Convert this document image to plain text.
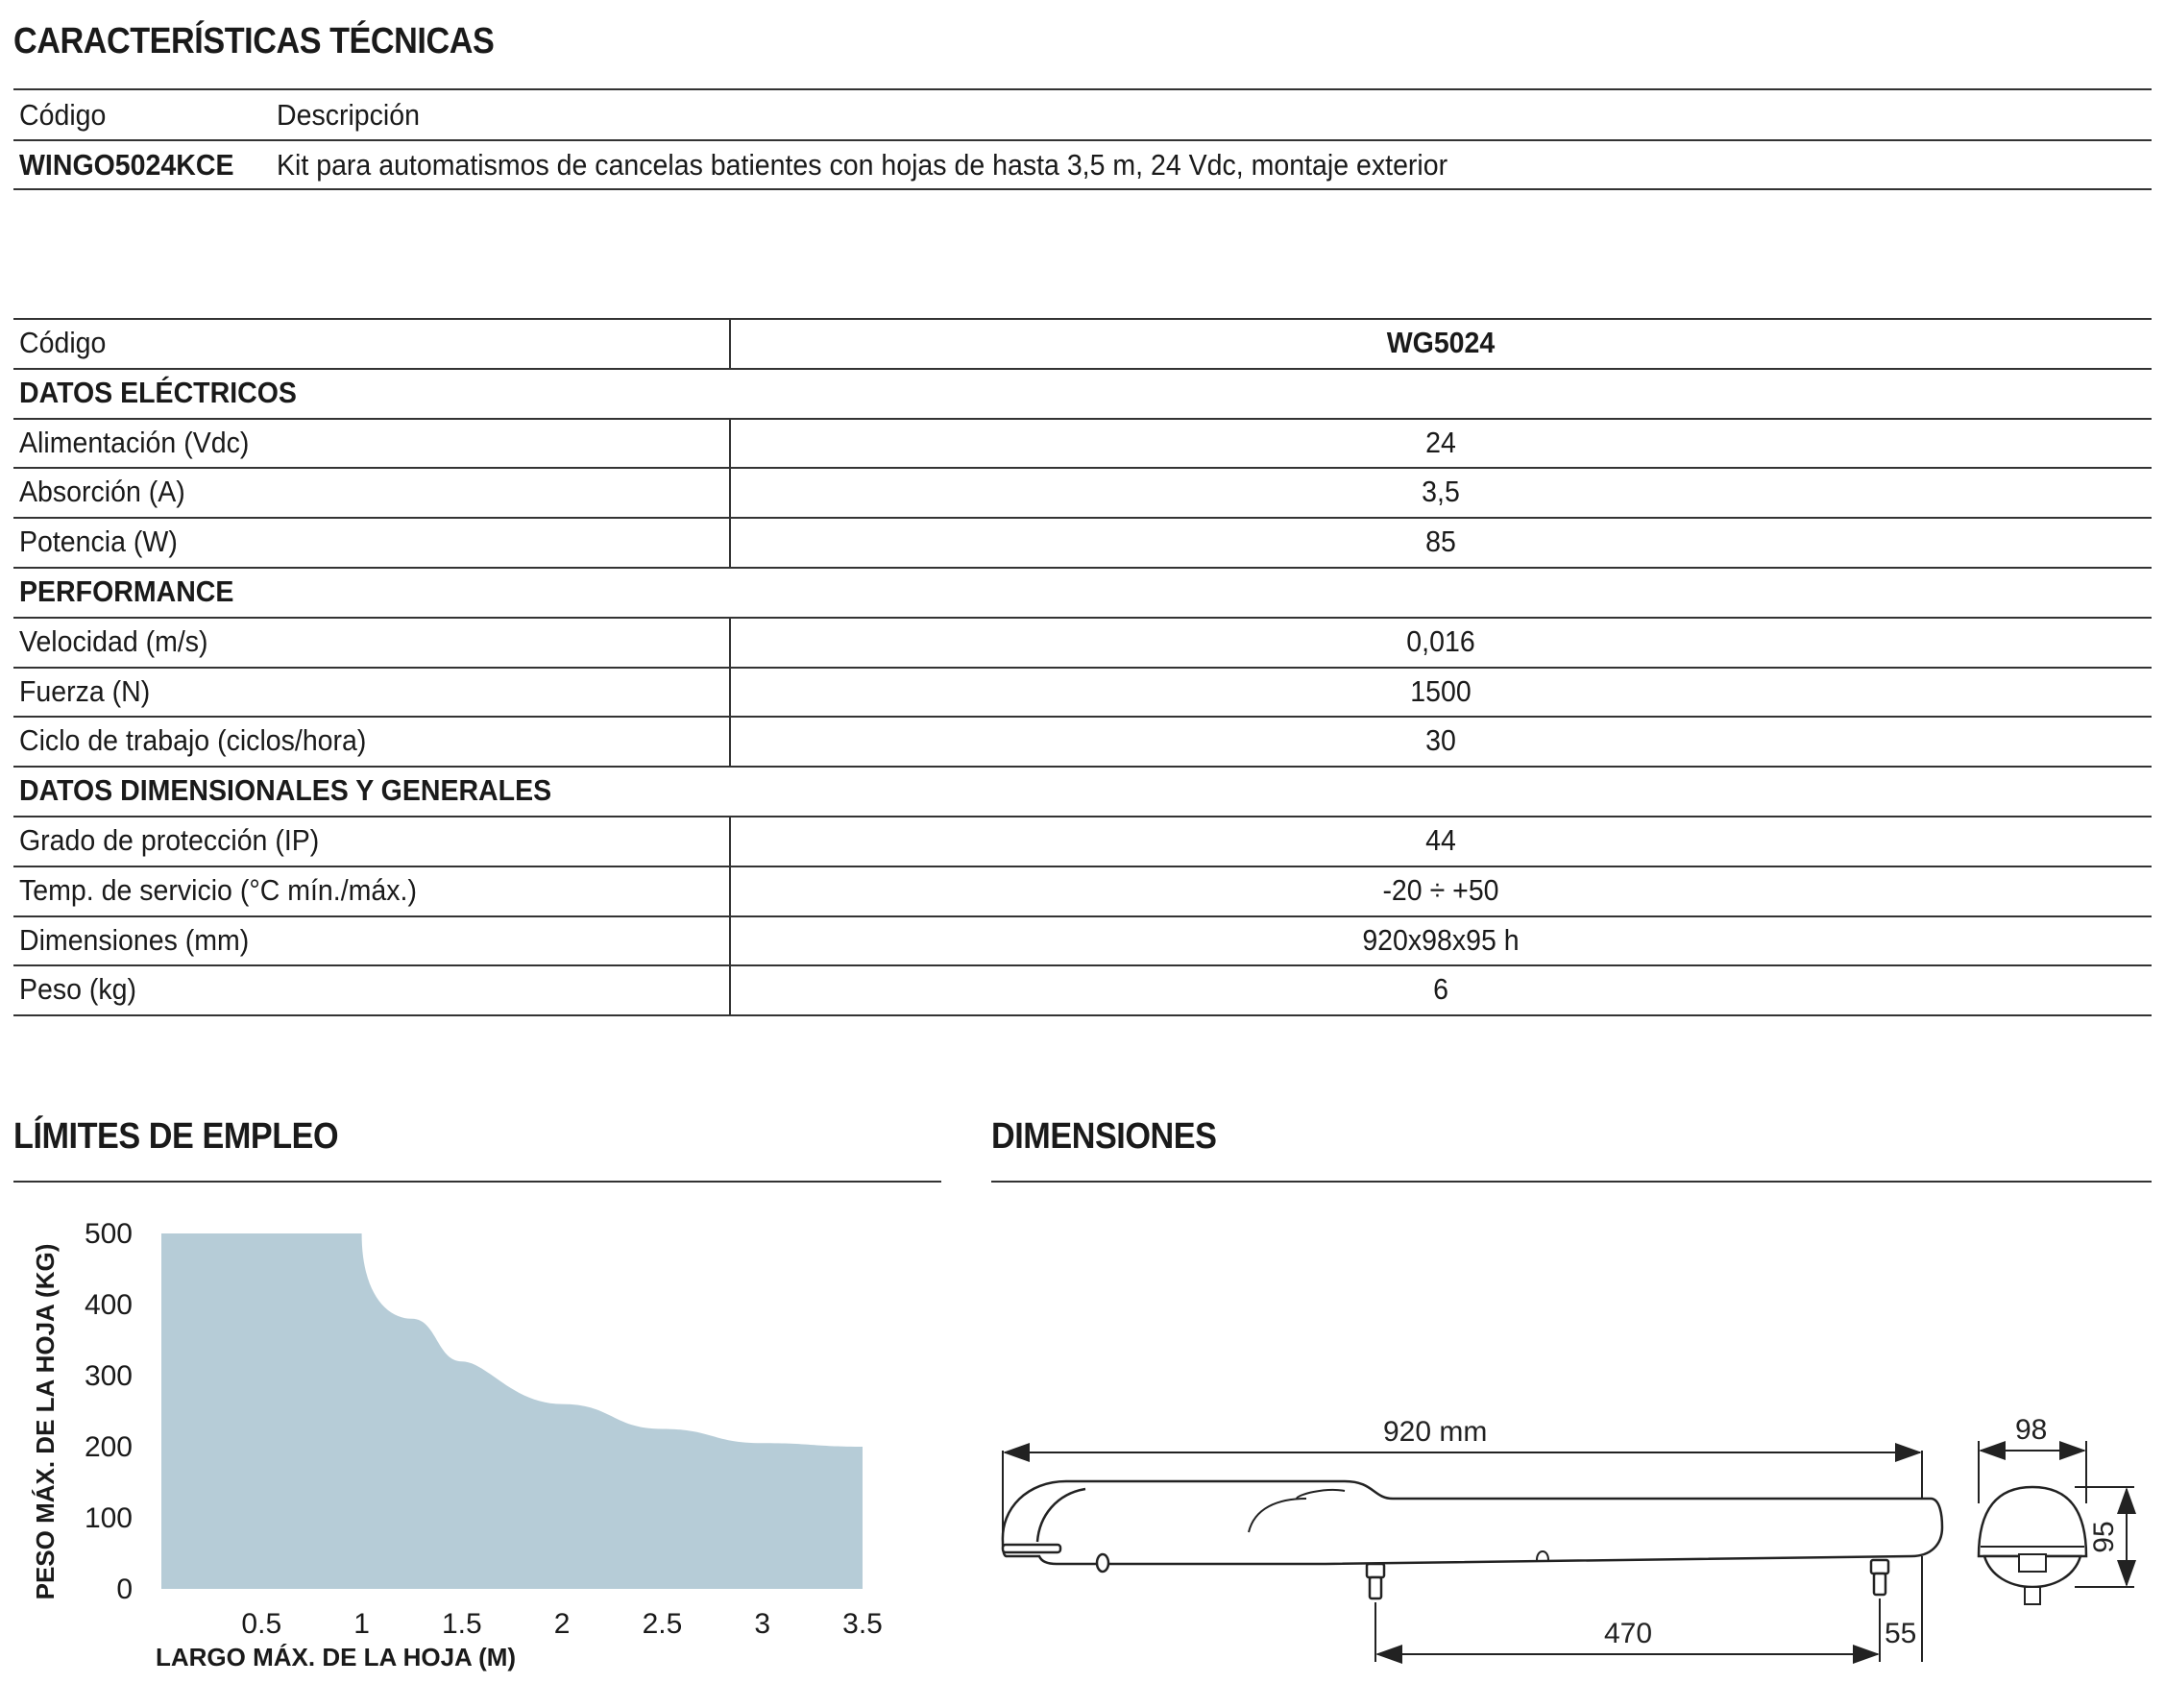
CARACTERÍSTICAS TÉCNICAS
Código	Descripción
WINGO5024KCE Kit para automatismos de cancelas batientes con hojas de hasta 3,5 m, 24 Vdc, montaje exterior
Código	WG5024
DATOS ELÉCTRICOS
Alimentación (Vdc)	24
Absorción (A)	3,5
Potencia (W)	85
PERFORMANCE
Velocidad (m/s)	0,016
Fuerza (N)	1500
Ciclo de trabajo (ciclos/hora)	30
DATOS DIMENSIONALES Y GENERALES
Grado de protección (IP)	44
Temp. de servicio (°C mín./máx.)	-20 ÷ +50
Dimensiones (mm)	920x98x95 h
Peso (kg)	6
LÍMITES DE EMPLEO
0
100
200
300
400
500
0.5	1	1.5	2	2.5	3	3.5
PESO MÁX. DE LA HOJA (KG)
LARGO MÁX. DE LA HOJA (M)
DIMENSIONES
920 mm
470	55
98
95
